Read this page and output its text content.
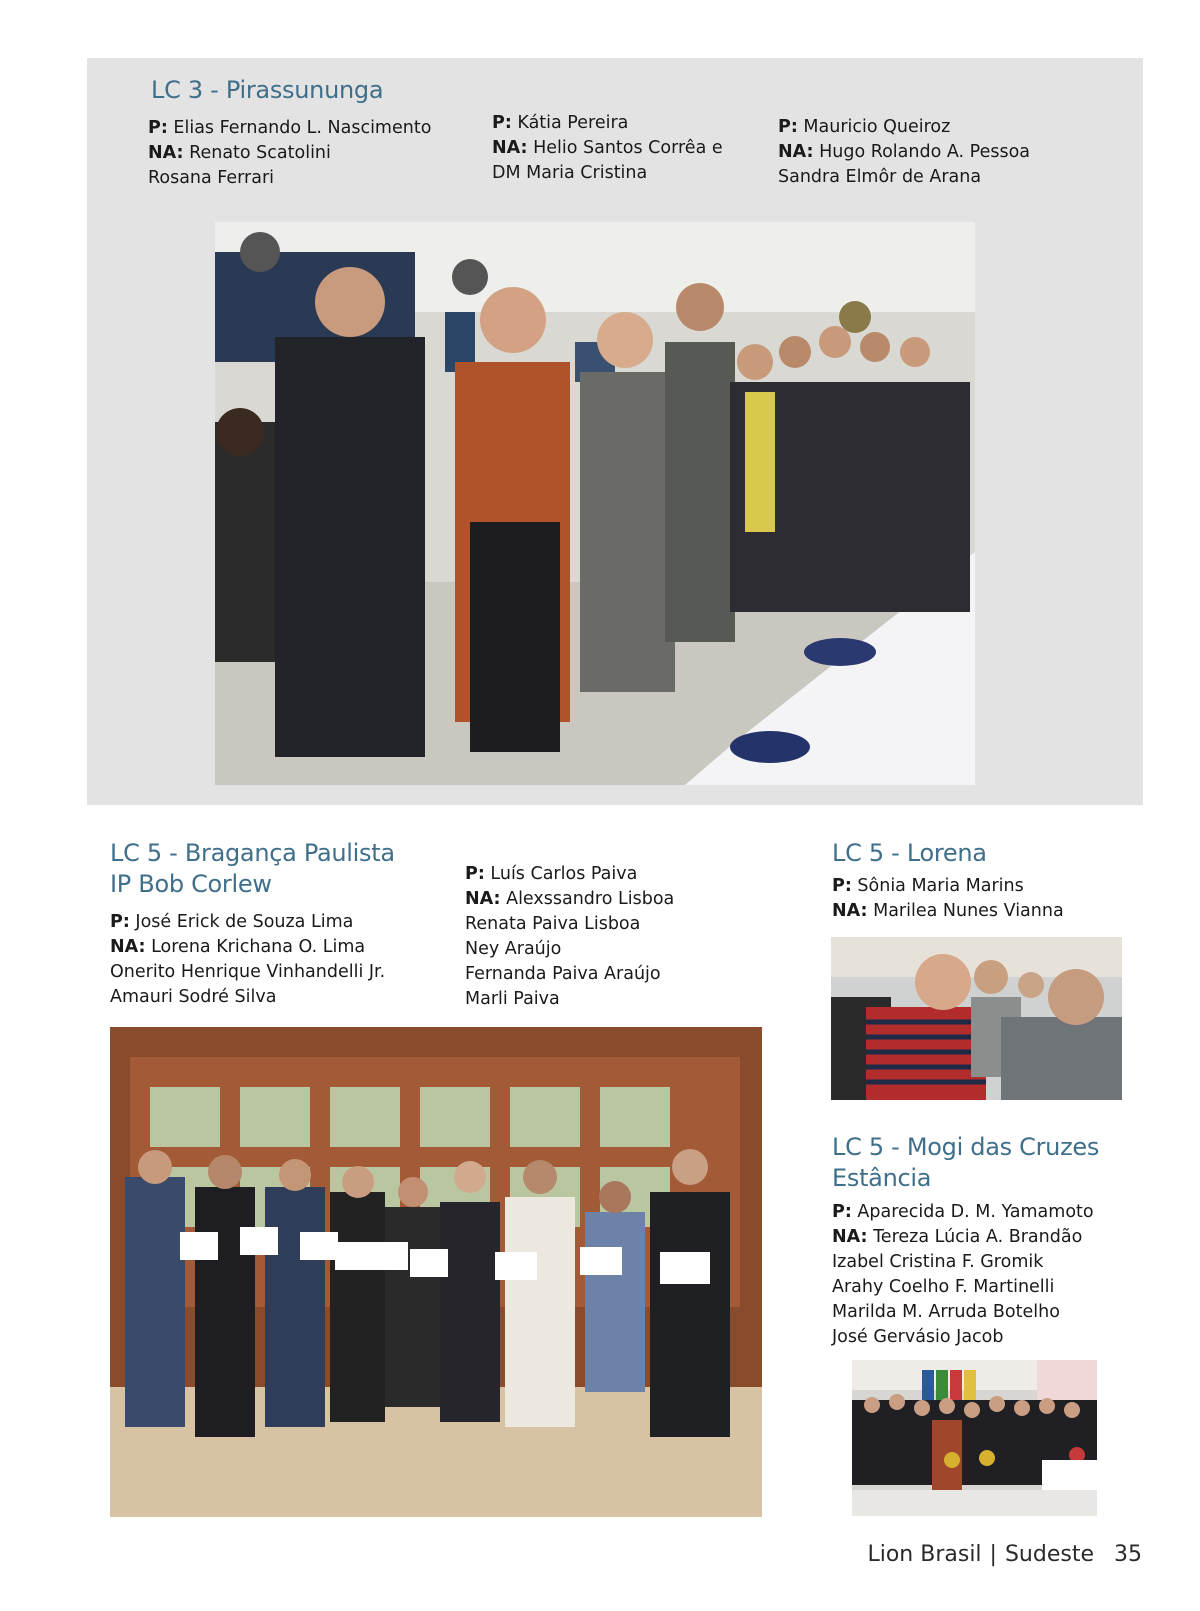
LC 3 - Pirassununga
P: Elias Fernando L. Nascimento
NA: Renato Scatolini
Rosana Ferrari
P: Kátia Pereira
NA: Helio Santos Corrêa e
DM Maria Cristina
P: Mauricio Queiroz
NA: Hugo Rolando A. Pessoa
Sandra Elmôr de Arana
LC 5 - Bragança Paulista
IP Bob Corlew
P: José Erick de Souza Lima
NA: Lorena Krichana O. Lima
Onerito Henrique Vinhandelli Jr.
Amauri Sodré Silva
P: Luís Carlos Paiva
NA: Alexssandro Lisboa
Renata Paiva Lisboa
Ney Araújo
Fernanda Paiva Araújo
Marli Paiva
LC 5 - Lorena
P: Sônia Maria Marins
NA: Marilea Nunes Vianna
LC 5 - Mogi das Cruzes
Estância
P: Aparecida D. M. Yamamoto
NA: Tereza Lúcia A. Brandão
Izabel Cristina F. Gromik
Arahy Coelho F. Martinelli
Marilda M. Arruda Botelho
José Gervásio Jacob
Lion Brasil | Sudeste 35
